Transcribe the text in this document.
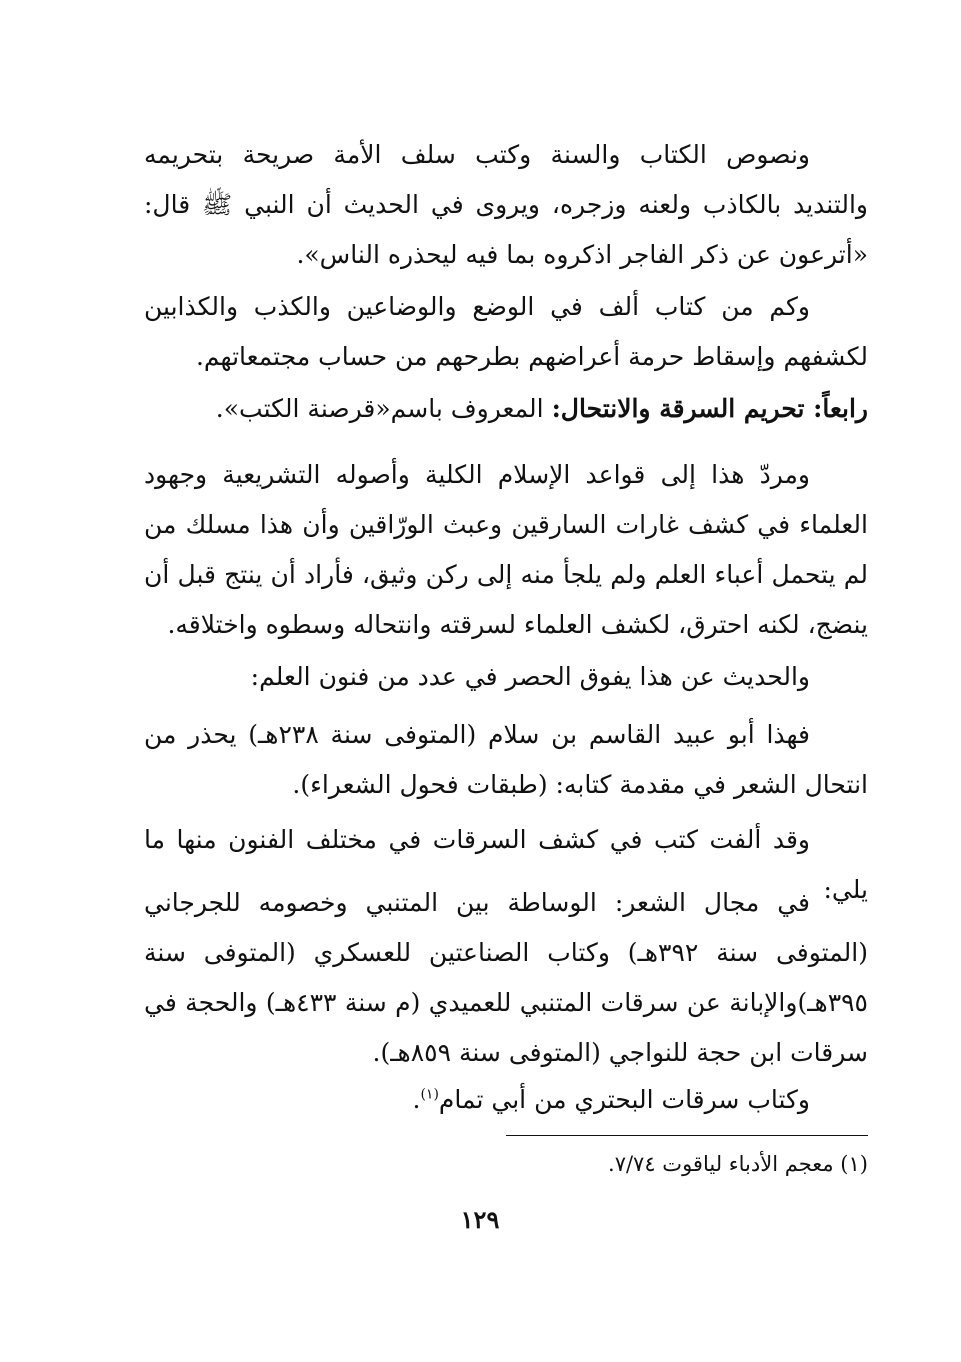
ونصوص الكتاب والسنة وكتب سلف الأمة صريحة بتحريمه والتنديد بالكاذب ولعنه وزجره، ويروى في الحديث أن النبي ﷺ قال: «أترعون عن ذكر الفاجر اذكروه بما فيه ليحذره الناس».

وكم من كتاب ألف في الوضع والوضاعين والكذب والكذابين لكشفهم وإسقاط حرمة أعراضهم بطرحهم من حساب مجتمعاتهم.

رابعاً: تحريم السرقة والانتحال: المعروف باسم«قرصنة الكتب».

ومردّ هذا إلى قواعد الإسلام الكلية وأصوله التشريعية وجهود العلماء في كشف غارات السارقين وعبث الورّاقين وأن هذا مسلك من لم يتحمل أعباء العلم ولم يلجأ منه إلى ركن وثيق، فأراد أن ينتج قبل أن ينضج، لكنه احترق، لكشف العلماء لسرقته وانتحاله وسطوه واختلاقه.

والحديث عن هذا يفوق الحصر في عدد من فنون العلم:

فهذا أبو عبيد القاسم بن سلام (المتوفى سنة ٢٣٨هـ) يحذر من انتحال الشعر في مقدمة كتابه: (طبقات فحول الشعراء).

وقد ألفت كتب في كشف السرقات في مختلف الفنون منها ما يلي:

في مجال الشعر: الوساطة بين المتنبي وخصومه للجرجاني (المتوفى سنة ٣٩٢هـ) وكتاب الصناعتين للعسكري (المتوفى سنة ٣٩٥هـ)والإبانة عن سرقات المتنبي للعميدي (م سنة ٤٣٣هـ) والحجة في سرقات ابن حجة للنواجي (المتوفى سنة ٨٥٩هـ).

وكتاب سرقات البحتري من أبي تمام$^{(١)}$.

(١) معجم الأدباء لياقوت ٧/٧٤.

١٢٩
